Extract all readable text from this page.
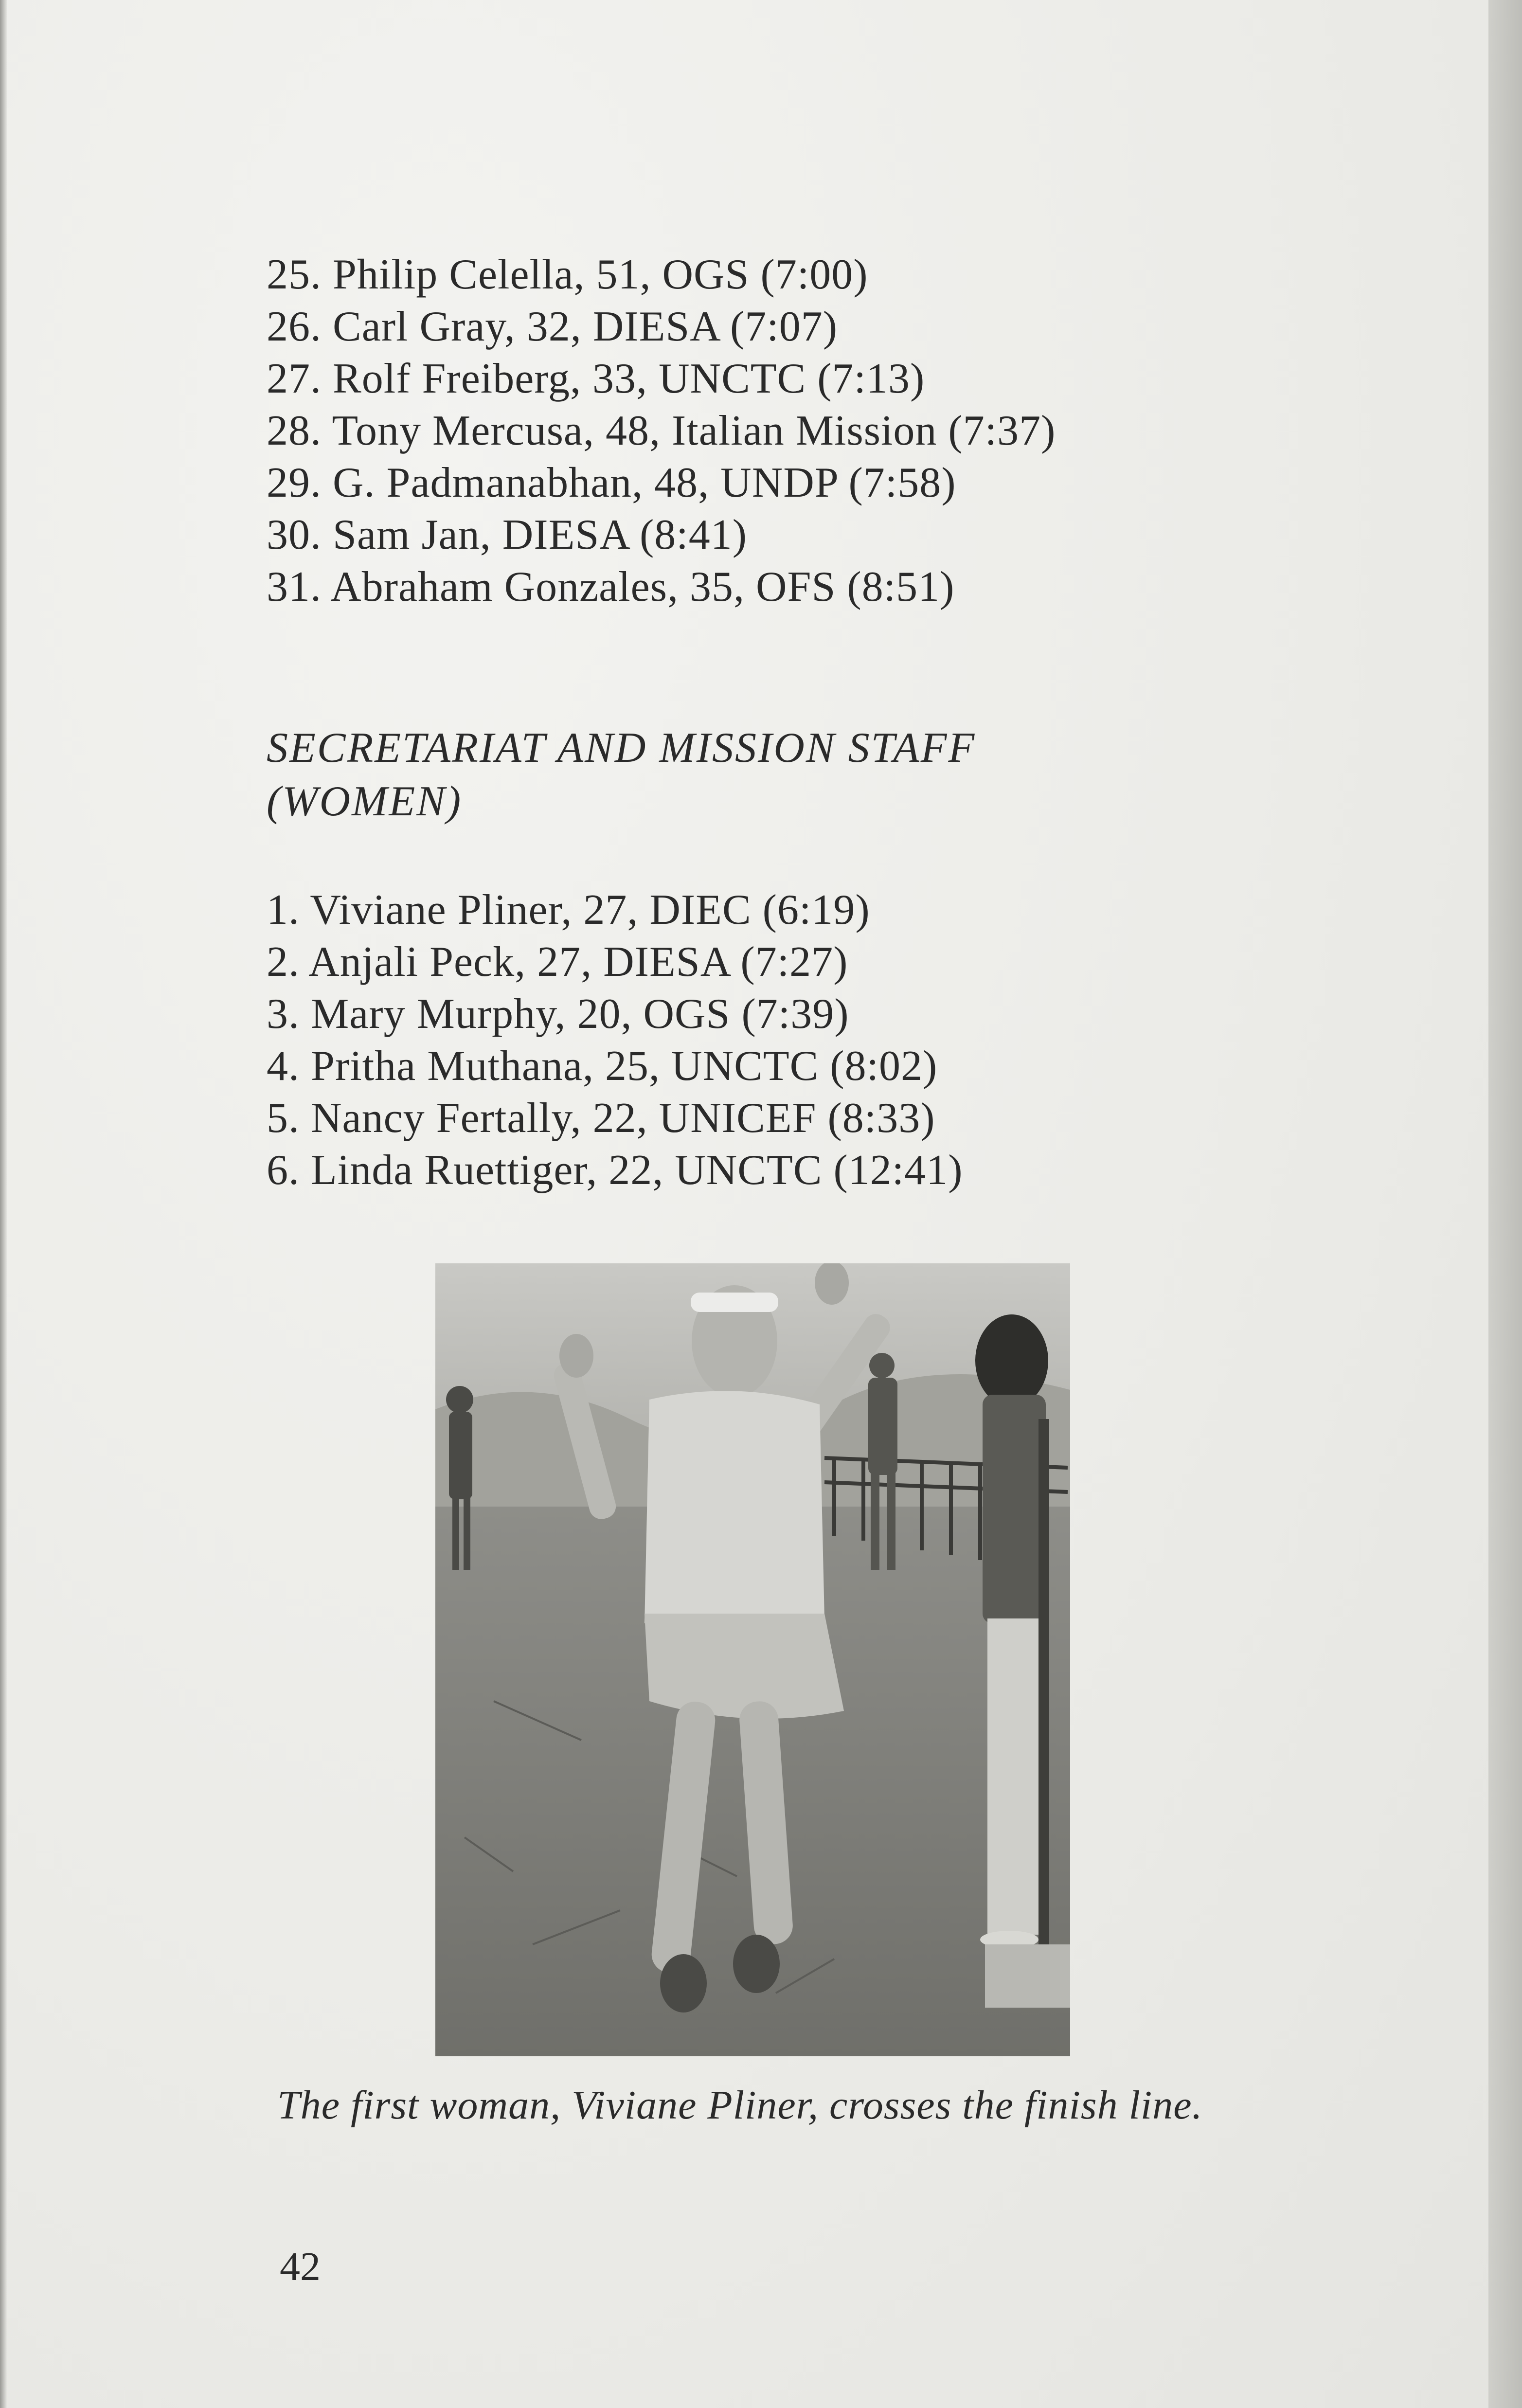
25. Philip Celella, 51, OGS (7:00)
26. Carl Gray, 32, DIESA (7:07)
27. Rolf Freiberg, 33, UNCTC (7:13)
28. Tony Mercusa, 48, Italian Mission (7:37)
29. G. Padmanabhan, 48, UNDP (7:58)
30. Sam Jan, DIESA (8:41)
31. Abraham Gonzales, 35, OFS (8:51)
SECRETARIAT AND MISSION STAFF
(WOMEN)
1. Viviane Pliner, 27, DIEC (6:19)
2. Anjali Peck, 27, DIESA (7:27)
3. Mary Murphy, 20, OGS (7:39)
4. Pritha Muthana, 25, UNCTC (8:02)
5. Nancy Fertally, 22, UNICEF (8:33)
6. Linda Ruettiger, 22, UNCTC (12:41)
The first woman, Viviane Pliner, crosses the finish line.
42
